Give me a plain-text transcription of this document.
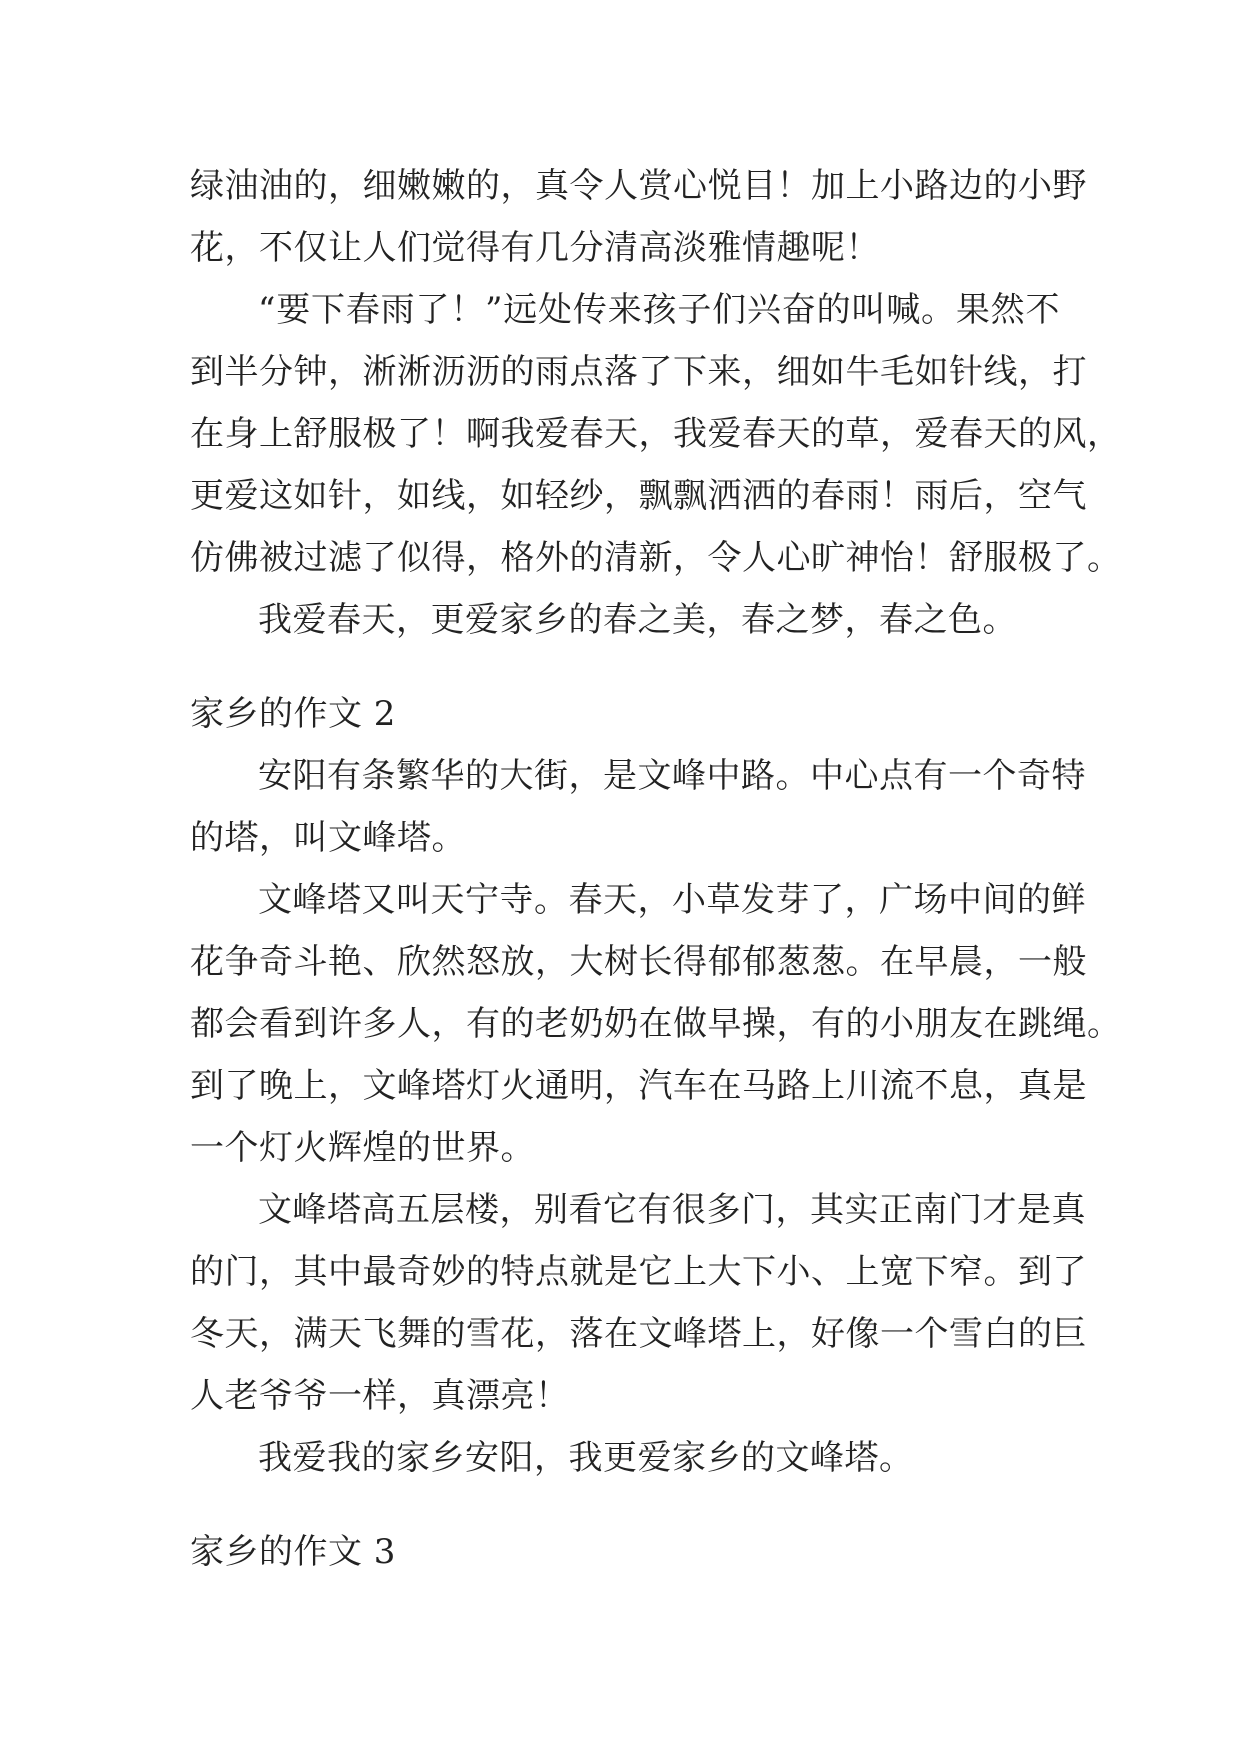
绿油油的，细嫩嫩的，真令人赏心悦目！加上小路边的小野
花，不仅让人们觉得有几分清高淡雅情趣呢！
“要下春雨了！”远处传来孩子们兴奋的叫喊。果然不
到半分钟，淅淅沥沥的雨点落了下来，细如牛毛如针线，打
在身上舒服极了！啊我爱春天，我爱春天的草，爱春天的风，
更爱这如针，如线，如轻纱，飘飘洒洒的春雨！雨后，空气
仿佛被过滤了似得，格外的清新，令人心旷神怡！舒服极了。
我爱春天，更爱家乡的春之美，春之梦，春之色。
家乡的作文 2
安阳有条繁华的大街，是文峰中路。中心点有一个奇特
的塔，叫文峰塔。
文峰塔又叫天宁寺。春天，小草发芽了，广场中间的鲜
花争奇斗艳、欣然怒放，大树长得郁郁葱葱。在早晨，一般
都会看到许多人，有的老奶奶在做早操，有的小朋友在跳绳。
到了晚上，文峰塔灯火通明，汽车在马路上川流不息，真是
一个灯火辉煌的世界。
文峰塔高五层楼，别看它有很多门，其实正南门才是真
的门，其中最奇妙的特点就是它上大下小、上宽下窄。到了
冬天，满天飞舞的雪花，落在文峰塔上，好像一个雪白的巨
人老爷爷一样，真漂亮！
我爱我的家乡安阳，我更爱家乡的文峰塔。
家乡的作文 3
